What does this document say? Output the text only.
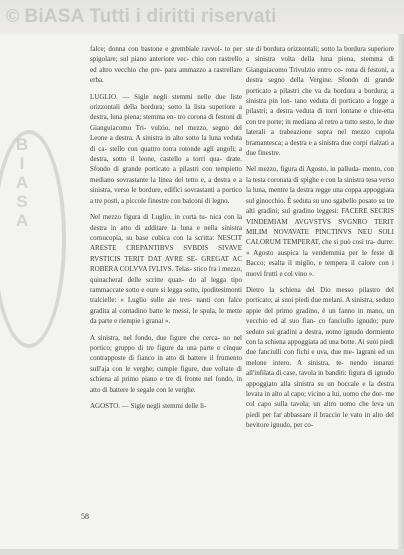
© BiASA Tutti i diritti riservati
B
I
A
S
A

falce; donna con bastone e grembiale ravvol- to per spigolare; sul piano anteriore vec- chio con rastrello ed altro vecchio che pre- para ammazzo a rastrellare erba.

LUGLIO. — Sigle negli stemmi nelle due liste orizzontali della bordura; sotto la lista superiore a destra, luna piena; stemma en- tro corona di festoni di Gianguiacomo Tri- vulzio, nel mezzo, segno del Leone a destra. A sinistra in alto sotto la luna veduta di ca- stello con quattro torra rotonde agli angoli; a destra, sotto il leone, castello a torri qua- drate. Sfondo di grande porticato a pilastri con tempietto mediano sovrastante la linea del tetto e, a destra e a sinistra, verso le bordure, edifici sovrastanti a portico a tre posti, a piccole finestre con balconi di legno.

Nel mezzo figura di Luglio, in corta tu- nica con la destra in atto di additare la luna e nella sinistra cornucopia, su base cubica con la scritta: NESCIT ARESTE CREPANTIBVS SVBDIS SIVAVE RVSTICIS TERIT DAT AVRE SE- GREGAT AC ROBERA COLVVA IVLIVS. Telas- stico fra i mezzo, quinacheral delle scritte quan- do al legga tipo rammaccate sotto e oure si legga sotto, ipoditesimonti tralcielle: « Luglio sulle aie tres- nanti con falce gradita al contadino batte le messi, le spula, le mette da parte e riempie i granai ».

A sinistra, nel fondo, due figure che cerca- no nel portico; gruppo di tre figure da una parte e cinque contrapposte di fianco in atto di battere il frumento sull'aja con le verghe; cumpie figure, due voltate di schiena al primo piano e tre di fronte nel fondo, in atto di battere le segale con le verghe.

AGOSTO. — Sigle negli stemmi delle li-

ste di bordura orizzontali; sotto la bordura superiore a sinistra volta della luna piena, stemma di Gianguiacomo Trivulzio entro co- rona di festoni, a destra segno della Vergine. Sfondo di grande porticato a pilastri che va da bordura a bordura; a sinistra pin lon- tano veduta di porticato a logge a pilastri; a destra veduta di torri lontane e chie-etta con tre porte; in mediana al retro a tutto sesto, le due laterali a trabeazione sopra nel mezzo cupola bramantesca; a destra e a sinistra due corpi rialzati a due finestre.

Nel mezzo, figura di Agosto, in palluda- mento, con la testa coronata di spighe e con la sinistra tesa verso la luna, mentre la destra regge una coppa appoggiata sul ginocchio. È seduta su uno sgabello posato su tre alti gradini; sul gradino leggesi: FACERE SECRIS VINDEMIAM AVGVSTVS SVGNRO TERIT MILIM NOVAVATE PINCTINVS NEU SOLI CALORUM TEMPERAT, che si può così tra- durre: « Agosto auspica la vendemmia per le feste di Bacco; esalta il miglio, e tempera il calore con i nuovi frutti e col vino ».

Dietro la schiena del Dio messo pilastro del porticato; ai suoi piedi due melani. A sinistra, seduto appie del primo gradino, è un fanno in mano, un vecchio ed al suo fian- co fanciullo ignudo; pure seduto sui gradini a destra, uomo ignudo dormiente con la schiena appoggiata ad una botte. Ai suoi piedi due fanciulli con fichi e uva, due me- lagrani ed un melone intero. A sinistra, te- nendo innanzi all'infilata di case, tavola in banditi: figura di ignudo appoggiato alla sinistra su un boccale e la destra levata in alto al capo; vicino a lui, uomo che dor- me col capo sulla tavola; un altro uomo che leva un piedi per far abbassare il braccio le vato in alto del bevitore ignudo, per co-

58
